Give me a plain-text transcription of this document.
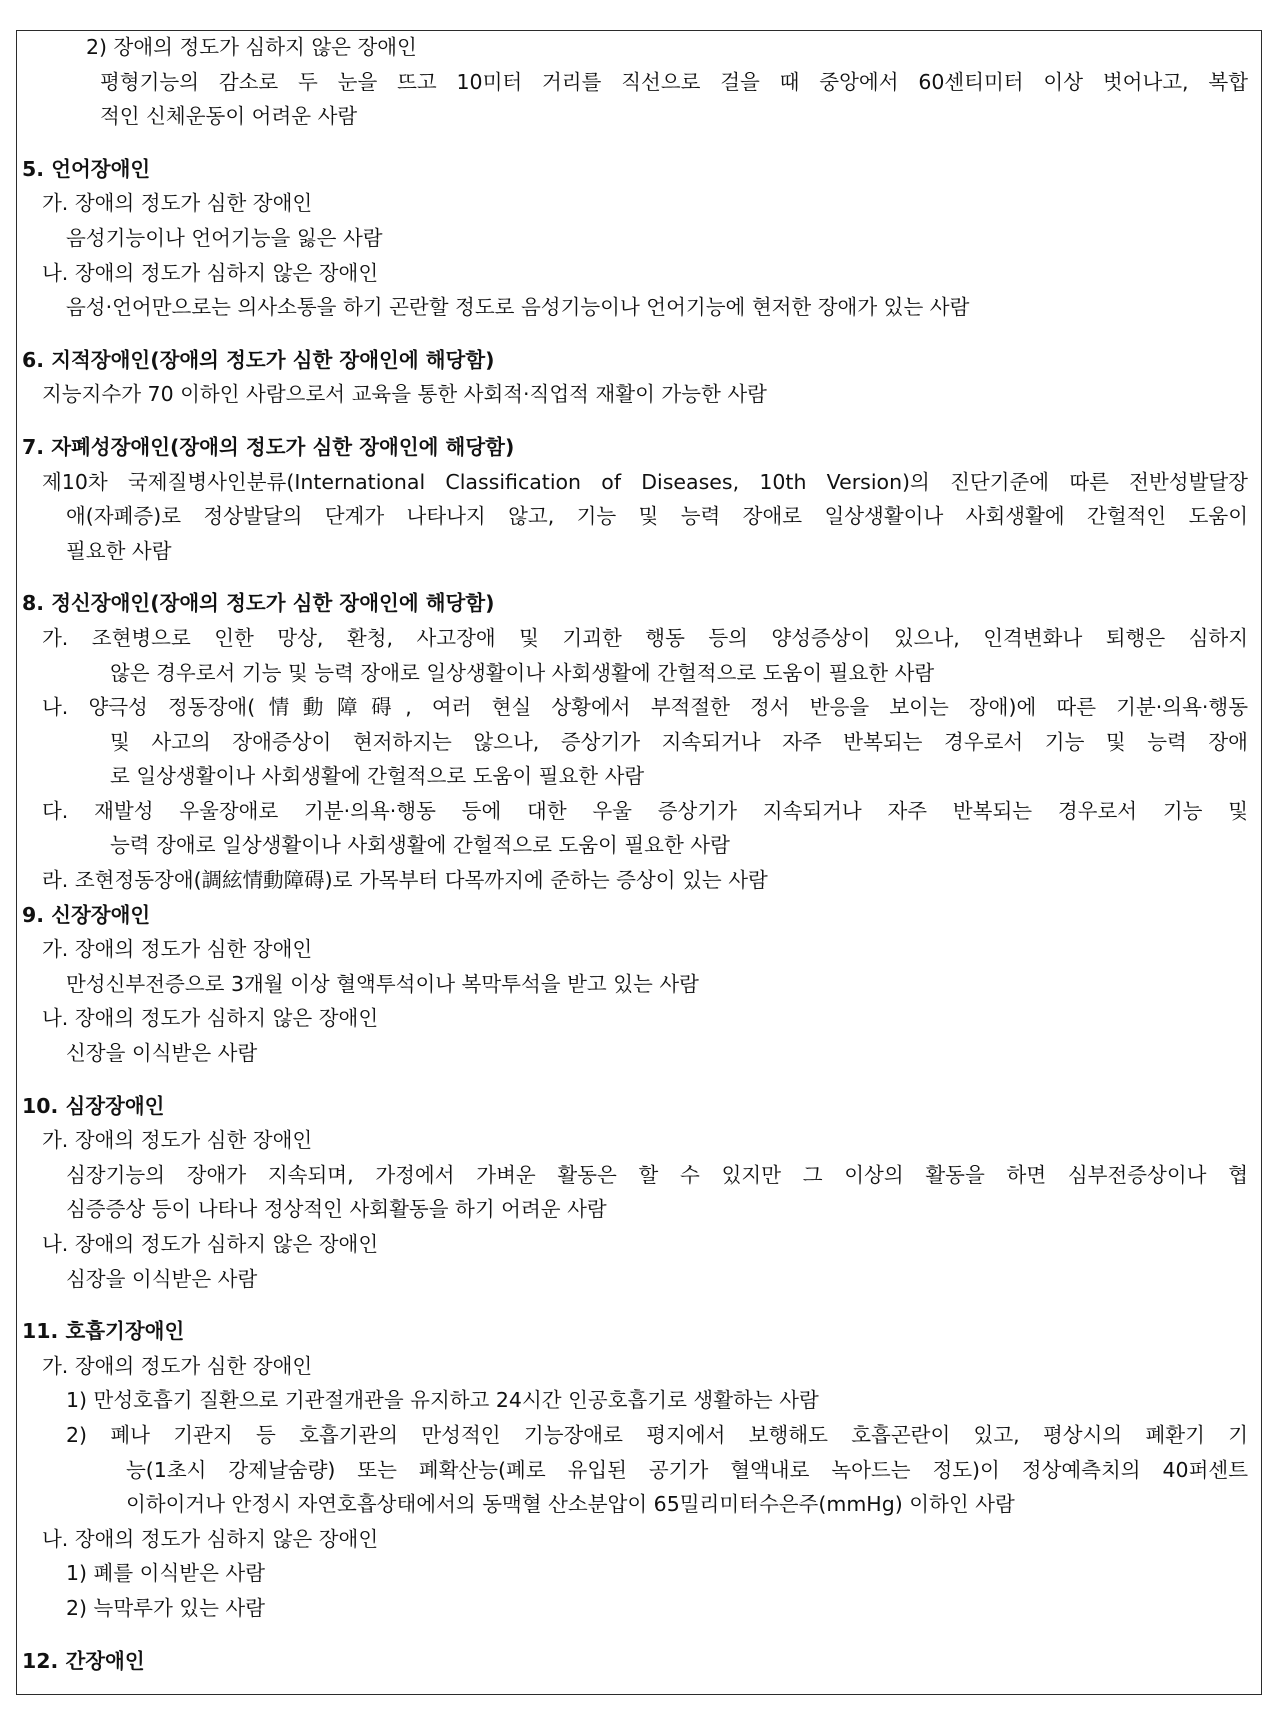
2) 장애의 정도가 심하지 않은 장애인
평형기능의 감소로 두 눈을 뜨고 10미터 거리를 직선으로 걸을 때 중앙에서 60센티미터 이상 벗어나고, 복합
적인 신체운동이 어려운 사람
5. 언어장애인
가. 장애의 정도가 심한 장애인
음성기능이나 언어기능을 잃은 사람
나. 장애의 정도가 심하지 않은 장애인
음성·언어만으로는 의사소통을 하기 곤란할 정도로 음성기능이나 언어기능에 현저한 장애가 있는 사람
6. 지적장애인(장애의 정도가 심한 장애인에 해당함)
지능지수가 70 이하인 사람으로서 교육을 통한 사회적·직업적 재활이 가능한 사람
7. 자폐성장애인(장애의 정도가 심한 장애인에 해당함)
제10차 국제질병사인분류(International Classification of Diseases, 10th Version)의 진단기준에 따른 전반성발달장
애(자폐증)로 정상발달의 단계가 나타나지 않고, 기능 및 능력 장애로 일상생활이나 사회생활에 간헐적인 도움이
필요한 사람
8. 정신장애인(장애의 정도가 심한 장애인에 해당함)
가. 조현병으로 인한 망상, 환청, 사고장애 및 기괴한 행동 등의 양성증상이 있으나, 인격변화나 퇴행은 심하지
않은 경우로서 기능 및 능력 장애로 일상생활이나 사회생활에 간헐적으로 도움이 필요한 사람
나. 양극성 정동장애(情動障碍, 여러 현실 상황에서 부적절한 정서 반응을 보이는 장애)에 따른 기분·의욕·행동
및 사고의 장애증상이 현저하지는 않으나, 증상기가 지속되거나 자주 반복되는 경우로서 기능 및 능력 장애
로 일상생활이나 사회생활에 간헐적으로 도움이 필요한 사람
다. 재발성 우울장애로 기분·의욕·행동 등에 대한 우울 증상기가 지속되거나 자주 반복되는 경우로서 기능 및
능력 장애로 일상생활이나 사회생활에 간헐적으로 도움이 필요한 사람
라. 조현정동장애(調絃情動障碍)로 가목부터 다목까지에 준하는 증상이 있는 사람
9. 신장장애인
가. 장애의 정도가 심한 장애인
만성신부전증으로 3개월 이상 혈액투석이나 복막투석을 받고 있는 사람
나. 장애의 정도가 심하지 않은 장애인
신장을 이식받은 사람
10. 심장장애인
가. 장애의 정도가 심한 장애인
심장기능의 장애가 지속되며, 가정에서 가벼운 활동은 할 수 있지만 그 이상의 활동을 하면 심부전증상이나 협
심증증상 등이 나타나 정상적인 사회활동을 하기 어려운 사람
나. 장애의 정도가 심하지 않은 장애인
심장을 이식받은 사람
11. 호흡기장애인
가. 장애의 정도가 심한 장애인
1) 만성호흡기 질환으로 기관절개관을 유지하고 24시간 인공호흡기로 생활하는 사람
2) 폐나 기관지 등 호흡기관의 만성적인 기능장애로 평지에서 보행해도 호흡곤란이 있고, 평상시의 폐환기 기
능(1초시 강제날숨량) 또는 폐확산능(폐로 유입된 공기가 혈액내로 녹아드는 정도)이 정상예측치의 40퍼센트
이하이거나 안정시 자연호흡상태에서의 동맥혈 산소분압이 65밀리미터수은주(mmHg) 이하인 사람
나. 장애의 정도가 심하지 않은 장애인
1) 폐를 이식받은 사람
2) 늑막루가 있는 사람
12. 간장애인
